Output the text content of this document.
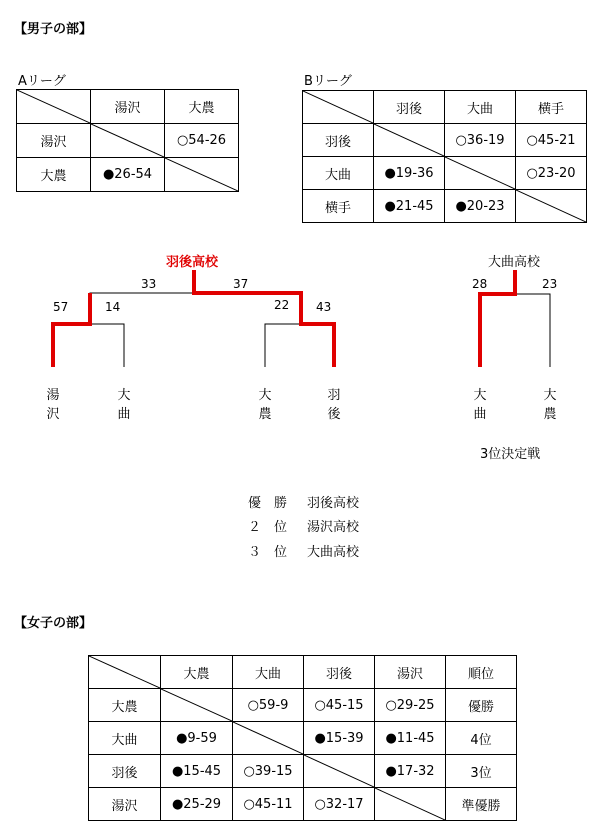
【男子の部】
Aリーグ
	湯沢	大農
湯沢		○54-26
大農	●26-54	
Bリーグ
	羽後	大曲	横手
羽後		○36-19	○45-21
大曲	●19-36		○23-20
横手	●21-45	●20-23	
羽後高校
33	37
57	14	22 43
大曲高校
28	23
湯
沢
大
曲
大
農
羽
後
大
曲
大
農
3位決定戦
優　勝 羽後高校
２　位 湯沢高校
３　位 大曲高校
【女子の部】
	大農	大曲	羽後	湯沢	順位
大農		○59-9	○45-15	○29-25	優勝
大曲	●9-59		●15-39	●11-45	4位
羽後	●15-45	○39-15		●17-32	3位
湯沢	●25-29	○45-11	○32-17		準優勝
